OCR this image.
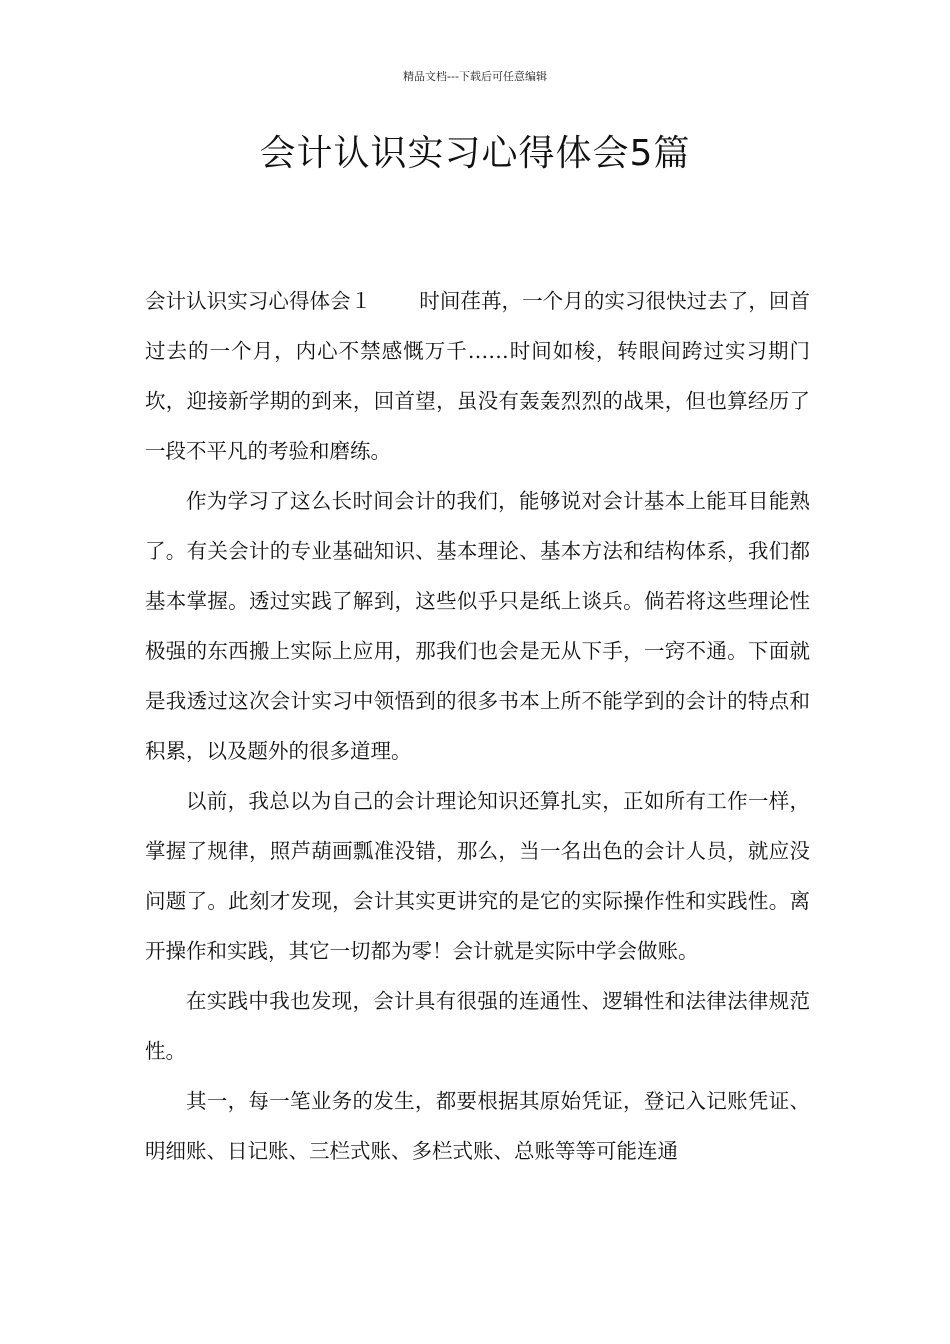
精品文档---下载后可任意编辑
会计认识实习心得体会5篇

会计认识实习心得体会１ 时间荏苒，一个月的实习很快过去了，回首过去的一个月，内心不禁感慨万千……时间如梭，转眼间跨过实习期门坎，迎接新学期的到来，回首望，虽没有轰轰烈烈的战果，但也算经历了一段不平凡的考验和磨练。

作为学习了这么长时间会计的我们，能够说对会计基本上能耳目能熟了。有关会计的专业基础知识、基本理论、基本方法和结构体系，我们都基本掌握。透过实践了解到，这些似乎只是纸上谈兵。倘若将这些理论性极强的东西搬上实际上应用，那我们也会是无从下手，一窍不通。下面就是我透过这次会计实习中领悟到的很多书本上所不能学到的会计的特点和积累，以及题外的很多道理。

以前，我总以为自己的会计理论知识还算扎实，正如所有工作一样，掌握了规律，照芦葫画瓢准没错，那么，当一名出色的会计人员，就应没问题了。此刻才发现，会计其实更讲究的是它的实际操作性和实践性。离开操作和实践，其它一切都为零！会计就是实际中学会做账。

在实践中我也发现，会计具有很强的连通性、逻辑性和法律法律规范性。

其一，每一笔业务的发生，都要根据其原始凭证，登记入记账凭证、明细账、日记账、三栏式账、多栏式账、总账等等可能连通
